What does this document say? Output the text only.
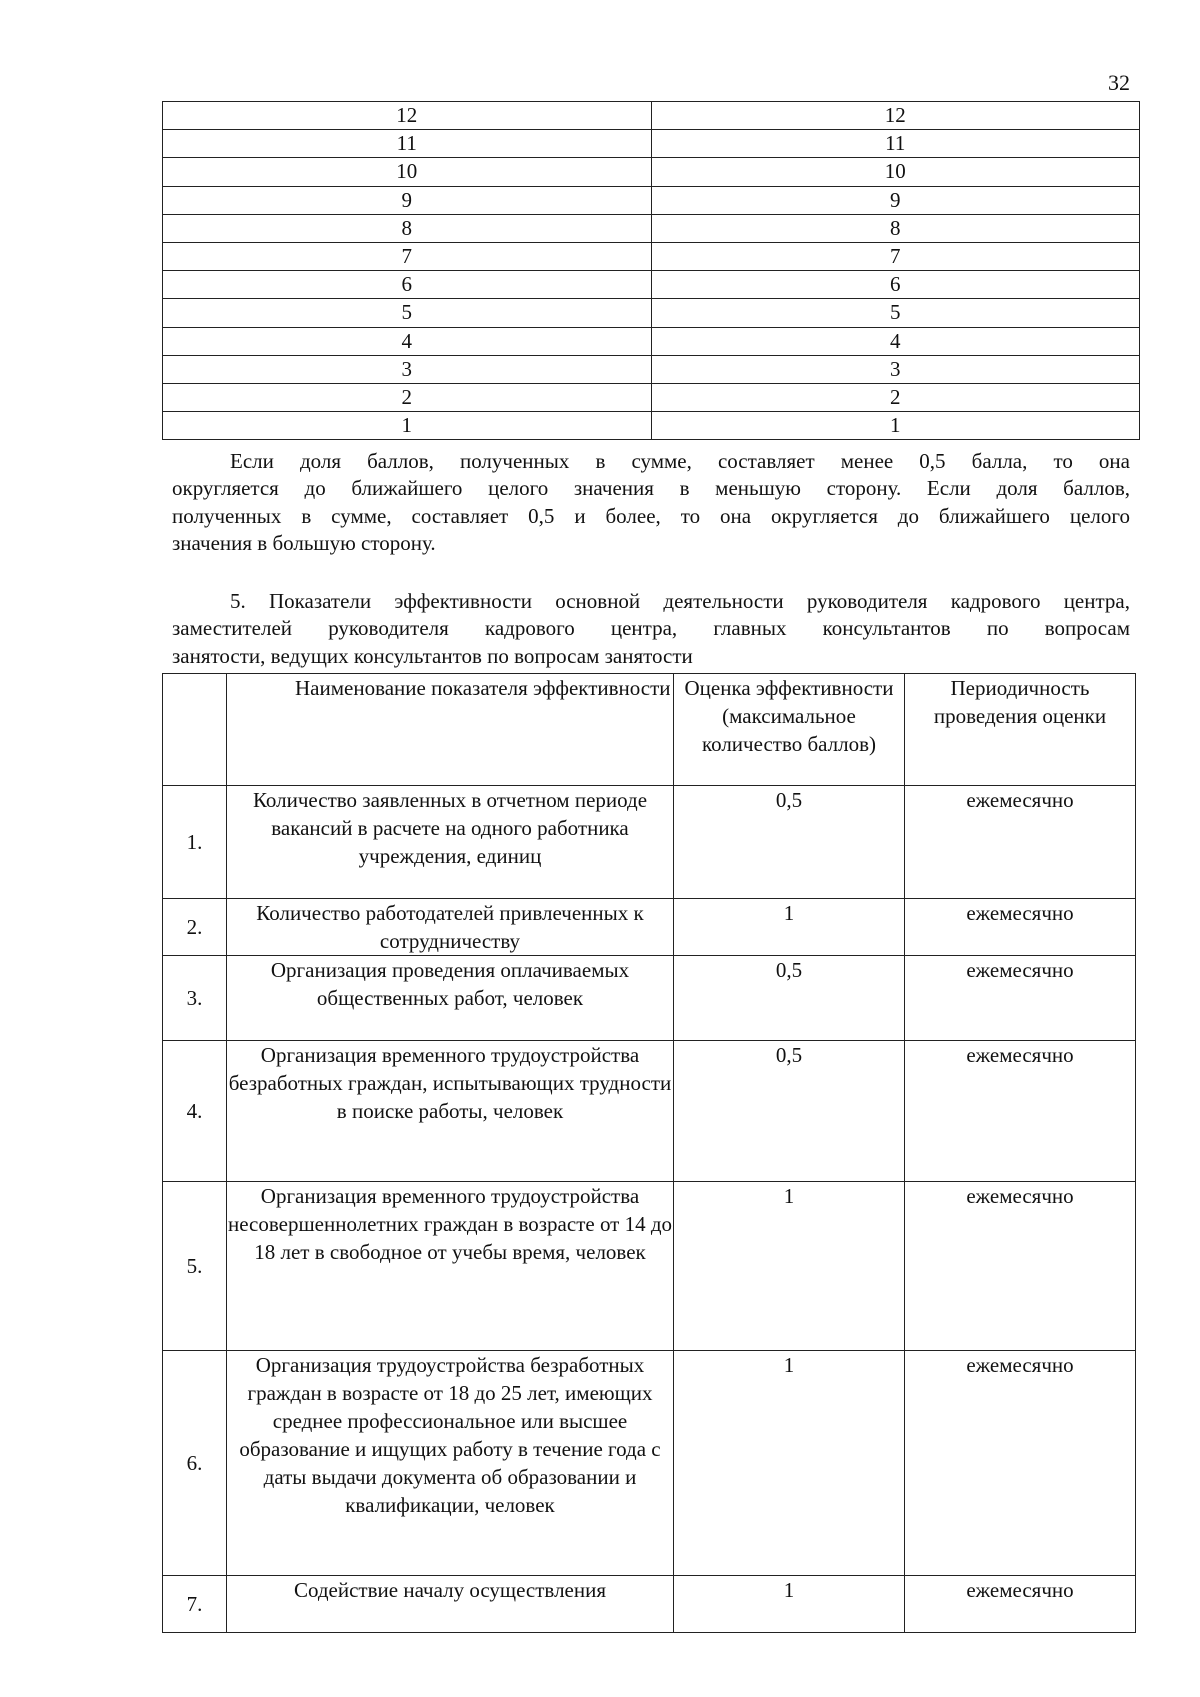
32
12	12
11	11
10	10
9	9
8	8
7	7
6	6
5	5
4	4
3	3
2	2
1	1
Если доля баллов, полученных в сумме, составляет менее 0,5 балла, то она
округляется до ближайшего целого значения в меньшую сторону. Если доля баллов,
полученных в сумме, составляет 0,5 и более, то она округляется до ближайшего целого
значения в большую сторону.
5. Показатели эффективности основной деятельности руководителя кадрового центра,
заместителей руководителя кадрового центра, главных консультантов по вопросам
занятости, ведущих консультантов по вопросам занятости
	Наименование показателя эффективности	Оценка эффективности (максимальное количество баллов)	Периодичность проведения оценки
1.	Количество заявленных в отчетном периоде вакансий в расчете на одного работника учреждения, единиц	0,5	ежемесячно
2.	Количество работодателей привлеченных к сотрудничеству	1	ежемесячно
3.	Организация проведения оплачиваемых общественных работ, человек	0,5	ежемесячно
4.	Организация временного трудоустройства безработных граждан, испытывающих трудности в поиске работы, человек	0,5	ежемесячно
5.	Организация временного трудоустройства несовершеннолетних граждан в возрасте от 14 до 18 лет в свободное от учебы время, человек	1	ежемесячно
6.	Организация трудоустройства безработных граждан в возрасте от 18 до 25 лет, имеющих среднее профессиональное или высшее образование и ищущих работу в течение года с даты выдачи документа об образовании и квалификации, человек	1	ежемесячно
7.	Содействие началу осуществления	1	ежемесячно
